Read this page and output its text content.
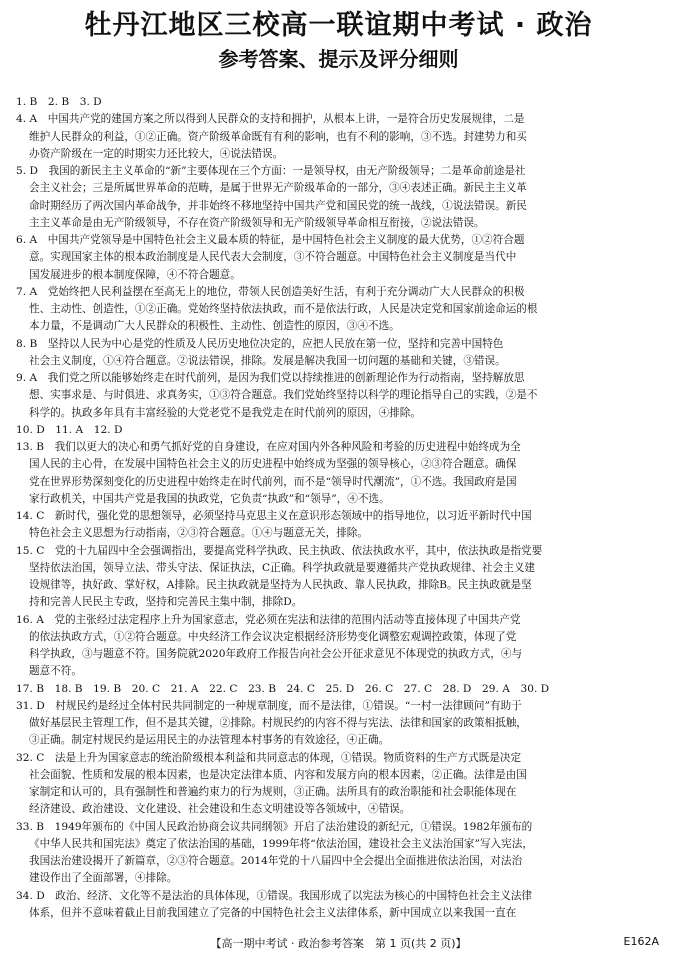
牡丹江地区三校高一联谊期中考试 · 政治
参考答案、提示及评分细则

1. B　2. B　3. D

4. A　中国共产党的建国方案之所以得到人民群众的支持和拥护，从根本上讲，一是符合历史发展规律，二是
维护人民群众的利益，①②正确。资产阶级革命既有有利的影响，也有不利的影响，③不选。封建势力和买
办资产阶级在一定的时期实力还比较大，④说法错误。

5. D　我国的新民主主义革命的“新”主要体现在三个方面：一是领导权，由无产阶级领导；二是革命前途是社
会主义社会；三是所属世界革命的范畴，是属于世界无产阶级革命的一部分，③④表述正确。新民主主义革
命时期经历了两次国内革命战争，并非始终不移地坚持中国共产党和国民党的统一战线，①说法错误。新民
主主义革命是由无产阶级领导，不存在资产阶级领导和无产阶级领导革命相互衔接，②说法错误。

6. A　中国共产党领导是中国特色社会主义最本质的特征，是中国特色社会主义制度的最大优势，①②符合题
意。实现国家主体的根本政治制度是人民代表大会制度，③不符合题意。中国特色社会主义制度是当代中
国发展进步的根本制度保障，④不符合题意。

7. A　党始终把人民利益摆在至高无上的地位，带领人民创造美好生活，有利于充分调动广大人民群众的积极
性、主动性、创造性，①②正确。党始终坚持依法执政，而不是依法行政，人民是决定党和国家前途命运的根
本力量，不是调动广大人民群众的积极性、主动性、创造性的原因，③④不选。

8. B　坚持以人民为中心是党的性质及人民历史地位决定的，应把人民放在第一位，坚持和完善中国特色
社会主义制度，①④符合题意。②说法错误，排除。发展是解决我国一切问题的基础和关键，③错误。

9. A　我们党之所以能够始终走在时代前列，是因为我们党以持续推进的创新理论作为行动指南，坚持解放思
想、实事求是、与时俱进、求真务实，①③符合题意。我们党始终坚持以科学的理论指导自己的实践，②是不
科学的。执政多年具有丰富经验的大党老党不是我党走在时代前列的原因，④排除。

10. D　11. A　12. D

13. B　我们以更大的决心和勇气抓好党的自身建设，在应对国内外各种风险和考验的历史进程中始终成为全
国人民的主心骨，在发展中国特色社会主义的历史进程中始终成为坚强的领导核心，②③符合题意。确保
党在世界形势深刻变化的历史进程中始终走在时代前列，而不是“领导时代潮流”，①不选。我国政府是国
家行政机关，中国共产党是我国的执政党，它负责“执政”和“领导”，④不选。

14. C　新时代，强化党的思想领导，必须坚持马克思主义在意识形态领域中的指导地位，以习近平新时代中国
特色社会主义思想为行动指南，②③符合题意。①④与题意无关，排除。

15. C　党的十九届四中全会强调指出，要提高党科学执政、民主执政、依法执政水平，其中，依法执政是指党要
坚持依法治国，领导立法、带头守法、保证执法，C正确。科学执政就是要遵循共产党执政规律、社会主义建
设规律等，执好政、掌好权，A排除。民主执政就是坚持为人民执政、靠人民执政，排除B。民主执政就是坚
持和完善人民民主专政，坚持和完善民主集中制，排除D。

16. A　党的主张经过法定程序上升为国家意志，党必须在宪法和法律的范围内活动等直接体现了中国共产党
的依法执政方式，①②符合题意。中央经济工作会议决定根据经济形势变化调整宏观调控政策，体现了党
科学执政，③与题意不符。国务院就2020年政府工作报告向社会公开征求意见不体现党的执政方式，④与
题意不符。

17. B　18. B　19. B　20. C　21. A　22. C　23. B　24. C　25. D　26. C　27. C　28. D　29. A　30. D

31. D　村规民约是经过全体村民共同制定的一种规章制度，而不是法律，①错误。“一村一法律顾问”有助于
做好基层民主管理工作，但不是其关键，②排除。村规民约的内容不得与宪法、法律和国家的政策相抵触，
③正确。制定村规民约是运用民主的办法管理本村事务的有效途径，④正确。

32. C　法是上升为国家意志的统治阶级根本利益和共同意志的体现，①错误。物质资料的生产方式既是决定
社会面貌、性质和发展的根本因素，也是决定法律本质、内容和发展方向的根本因素，②正确。法律是由国
家制定和认可的，具有强制性和普遍约束力的行为规则，③正确。法所具有的政治职能和社会职能体现在
经济建设、政治建设、文化建设、社会建设和生态文明建设等各领域中，④错误。

33. B　1949年颁布的《中国人民政治协商会议共同纲领》开启了法治建设的新纪元，①错误。1982年颁布的
《中华人民共和国宪法》奠定了依法治国的基础，1999年将“依法治国，建设社会主义法治国家”写入宪法，
我国法治建设揭开了新篇章，②③符合题意。2014年党的十八届四中全会提出全面推进依法治国，对法治
建设作出了全面部署，④排除。

34. D　政治、经济、文化等不是法治的具体体现，①错误。我国形成了以宪法为核心的中国特色社会主义法律
体系，但并不意味着截止目前我国建立了完备的中国特色社会主义法律体系，新中国成立以来我国一直在

【高一期中考试 · 政治参考答案　第 1 页(共 2 页)】	E162A
